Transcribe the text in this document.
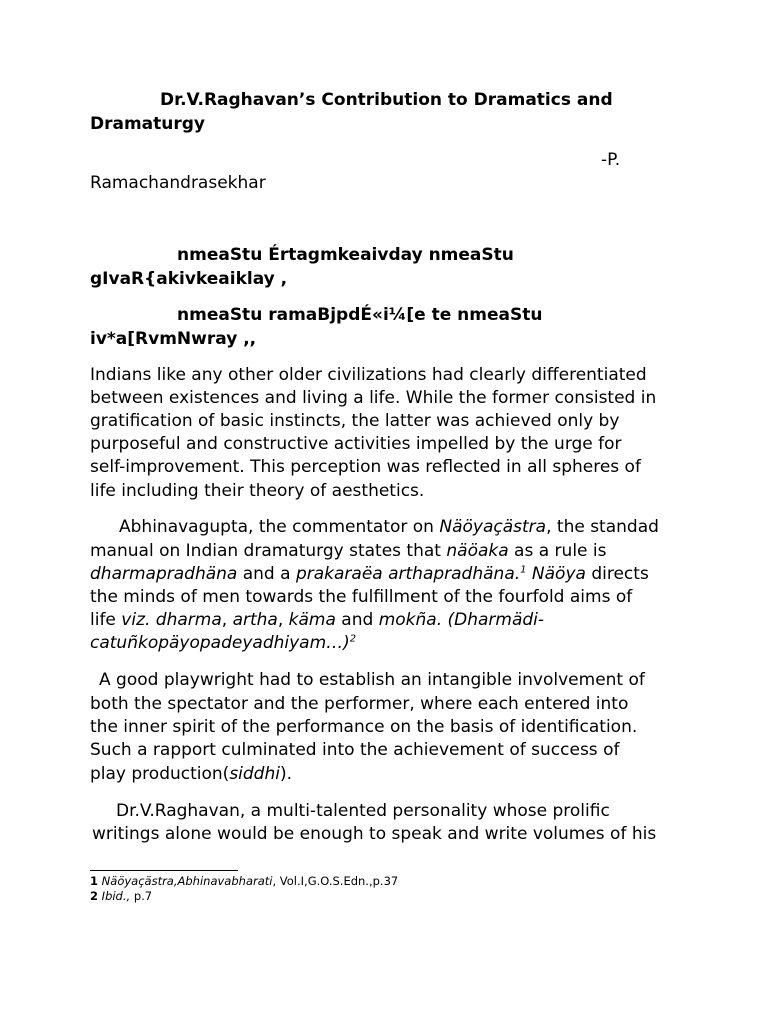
Dr.V.Raghavan’s Contribution to Dramatics and
Dramaturgy
-P.
Ramachandrasekhar
nmeaStu Értagmkeaivday nmeaStu
gIvaR{akivkeaiklay ,
nmeaStu ramaBjpdÉ«i¼[e te nmeaStu
iv*a[RvmNwray ,,
Indians like any other older civilizations had clearly differentiated
between existences and living a life. While the former consisted in
gratification of basic instincts, the latter was achieved only by
purposeful and constructive activities impelled by the urge for
self-improvement. This perception was reflected in all spheres of
life including their theory of aesthetics.
Abhinavagupta, the commentator on Näöyaçästra, the standad
manual on Indian dramaturgy states that näöaka as a rule is
dharmapradhäna and a prakaraëa arthapradhäna.$^1$ Näöya directs
the minds of men towards the fulfillment of the fourfold aims of
life viz. dharma, artha, käma and mokña. (Dharmädi-
catuñkopäyopadeyadhiyam…)$^2$
A good playwright had to establish an intangible involvement of
both the spectator and the performer, where each entered into
the inner spirit of the performance on the basis of identification.
Such a rapport culminated into the achievement of success of
play production(siddhi).
Dr.V.Raghavan, a multi-talented personality whose prolific
writings alone would be enough to speak and write volumes of his
1 Näöyaçästra,Abhinavabharati, Vol.I,G.O.S.Edn.,p.37
2 Ibid., p.7
